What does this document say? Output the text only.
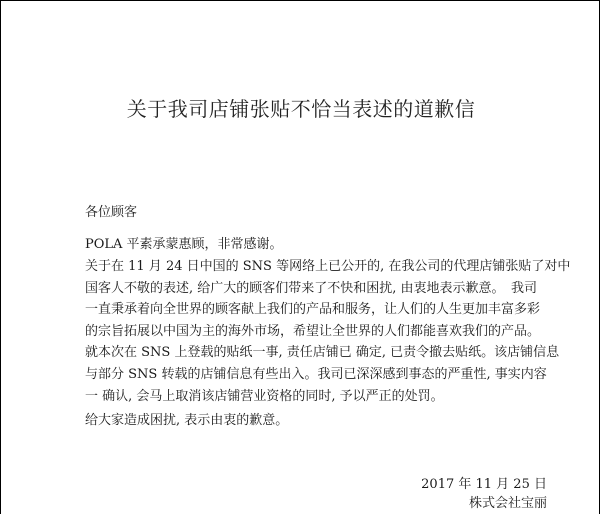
关于我司店铺张贴不恰当表述的道歉信
各位顾客
POLA 平素承蒙惠顾，非常感谢。
关于在 11 月 24 日中国的 SNS 等网络上已公开的, 在我公司的代理店铺张贴了对中
国客人不敬的表述, 给广大的顾客们带来了不快和困扰, 由衷地表示歉意。　我司
一直秉承着向全世界的顾客献上我们的产品和服务，让人们的人生更加丰富多彩
的宗旨拓展以中国为主的海外市场，希望让全世界的人们都能喜欢我们的产品。
就本次在 SNS 上登载的贴纸一事, 责任店铺已 确定, 已责令撤去贴纸。该店铺信息
与部分 SNS 转载的店铺信息有些出入。我司已深深感到事态的严重性, 事实内容
一 确认, 会马上取消该店铺营业资格的同时, 予以严正的处罚。
给大家造成困扰, 表示由衷的歉意。
2017 年 11 月 25 日
株式会社宝丽
